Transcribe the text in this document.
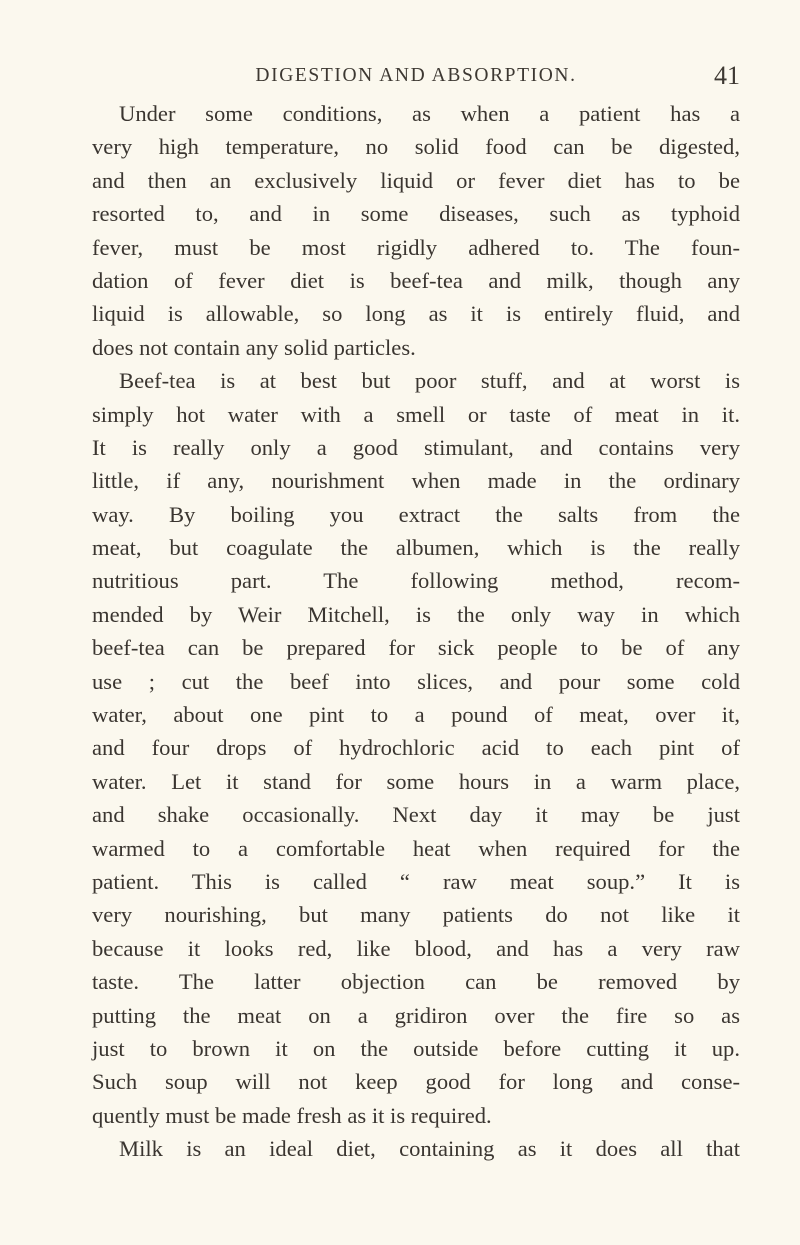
DIGESTION AND ABSORPTION.	41
Under some conditions, as when a patient has a
very high temperature, no solid food can be digested,
and then an exclusively liquid or fever diet has to be
resorted to, and in some diseases, such as typhoid
fever, must be most rigidly adhered to. The foun-
dation of fever diet is beef-tea and milk, though any
liquid is allowable, so long as it is entirely fluid, and
does not contain any solid particles.
Beef-tea is at best but poor stuff, and at worst is
simply hot water with a smell or taste of meat in it.
It is really only a good stimulant, and contains very
little, if any, nourishment when made in the ordinary
way. By boiling you extract the salts from the
meat, but coagulate the albumen, which is the really
nutritious part. The following method, recom-
mended by Weir Mitchell, is the only way in which
beef-tea can be prepared for sick people to be of any
use ; cut the beef into slices, and pour some cold
water, about one pint to a pound of meat, over it,
and four drops of hydrochloric acid to each pint of
water. Let it stand for some hours in a warm place,
and shake occasionally. Next day it may be just
warmed to a comfortable heat when required for the
patient. This is called “ raw meat soup.” It is
very nourishing, but many patients do not like it
because it looks red, like blood, and has a very raw
taste. The latter objection can be removed by
putting the meat on a gridiron over the fire so as
just to brown it on the outside before cutting it up.
Such soup will not keep good for long and conse-
quently must be made fresh as it is required.
Milk is an ideal diet, containing as it does all that
